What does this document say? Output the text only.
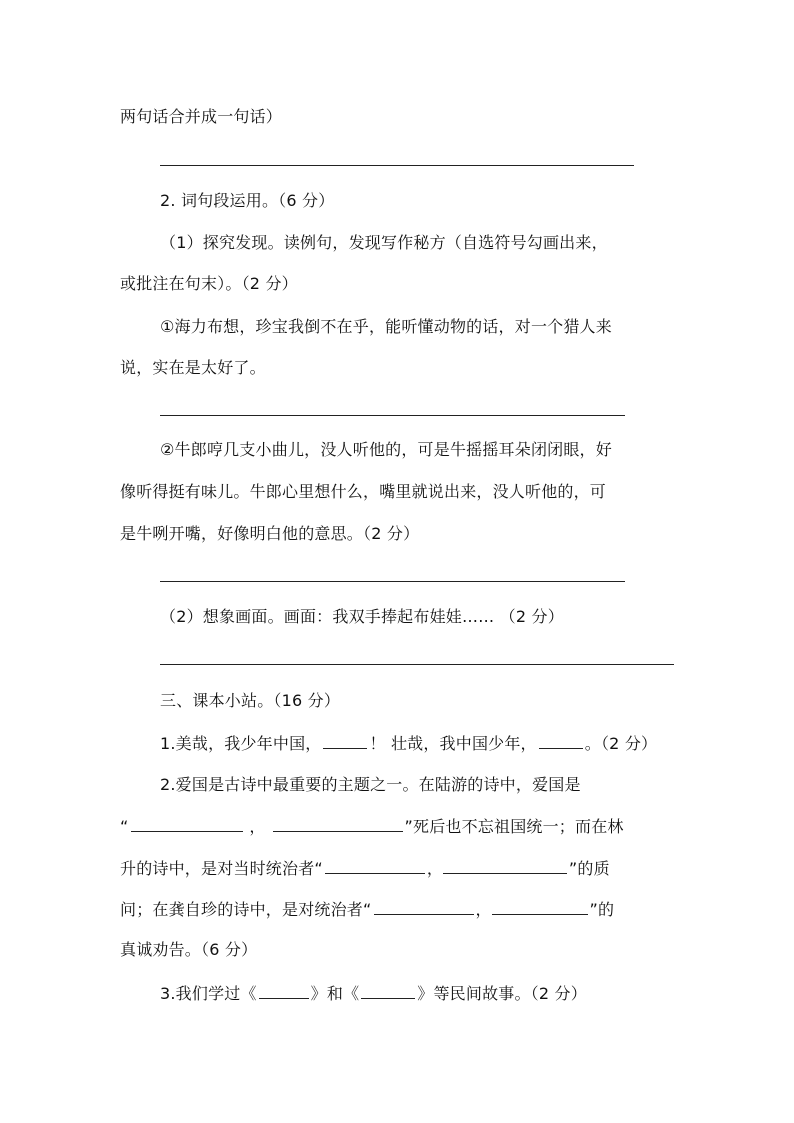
两句话合并成一句话）
2. 词句段运用。（6 分）
（1）探究发现。读例句，发现写作秘方（自选符号勾画出来，
或批注在句末）。（2 分）
①海力布想，珍宝我倒不在乎，能听懂动物的话，对一个猎人来
说，实在是太好了。
②牛郎哼几支小曲儿，没人听他的，可是牛摇摇耳朵闭闭眼，好
像听得挺有味儿。牛郎心里想什么，嘴里就说出来，没人听他的，可
是牛咧开嘴，好像明白他的意思。（2 分）
（2）想象画面。画面：我双手捧起布娃娃…… （2 分）
三、课本小站。（16 分）
1.美哉，我少年中国，	！ 壮哉，我中国少年，	。（2 分）
2.爱国是古诗中最重要的主题之一。在陆游的诗中，爱国是
“	，	”死后也不忘祖国统一；而在林
升的诗中，是对当时统治者“	，	”的质
问；在龚自珍的诗中，是对统治者“	，	”的
真诚劝告。（6 分）
3.我们学过《	》和《	》等民间故事。（2 分）
